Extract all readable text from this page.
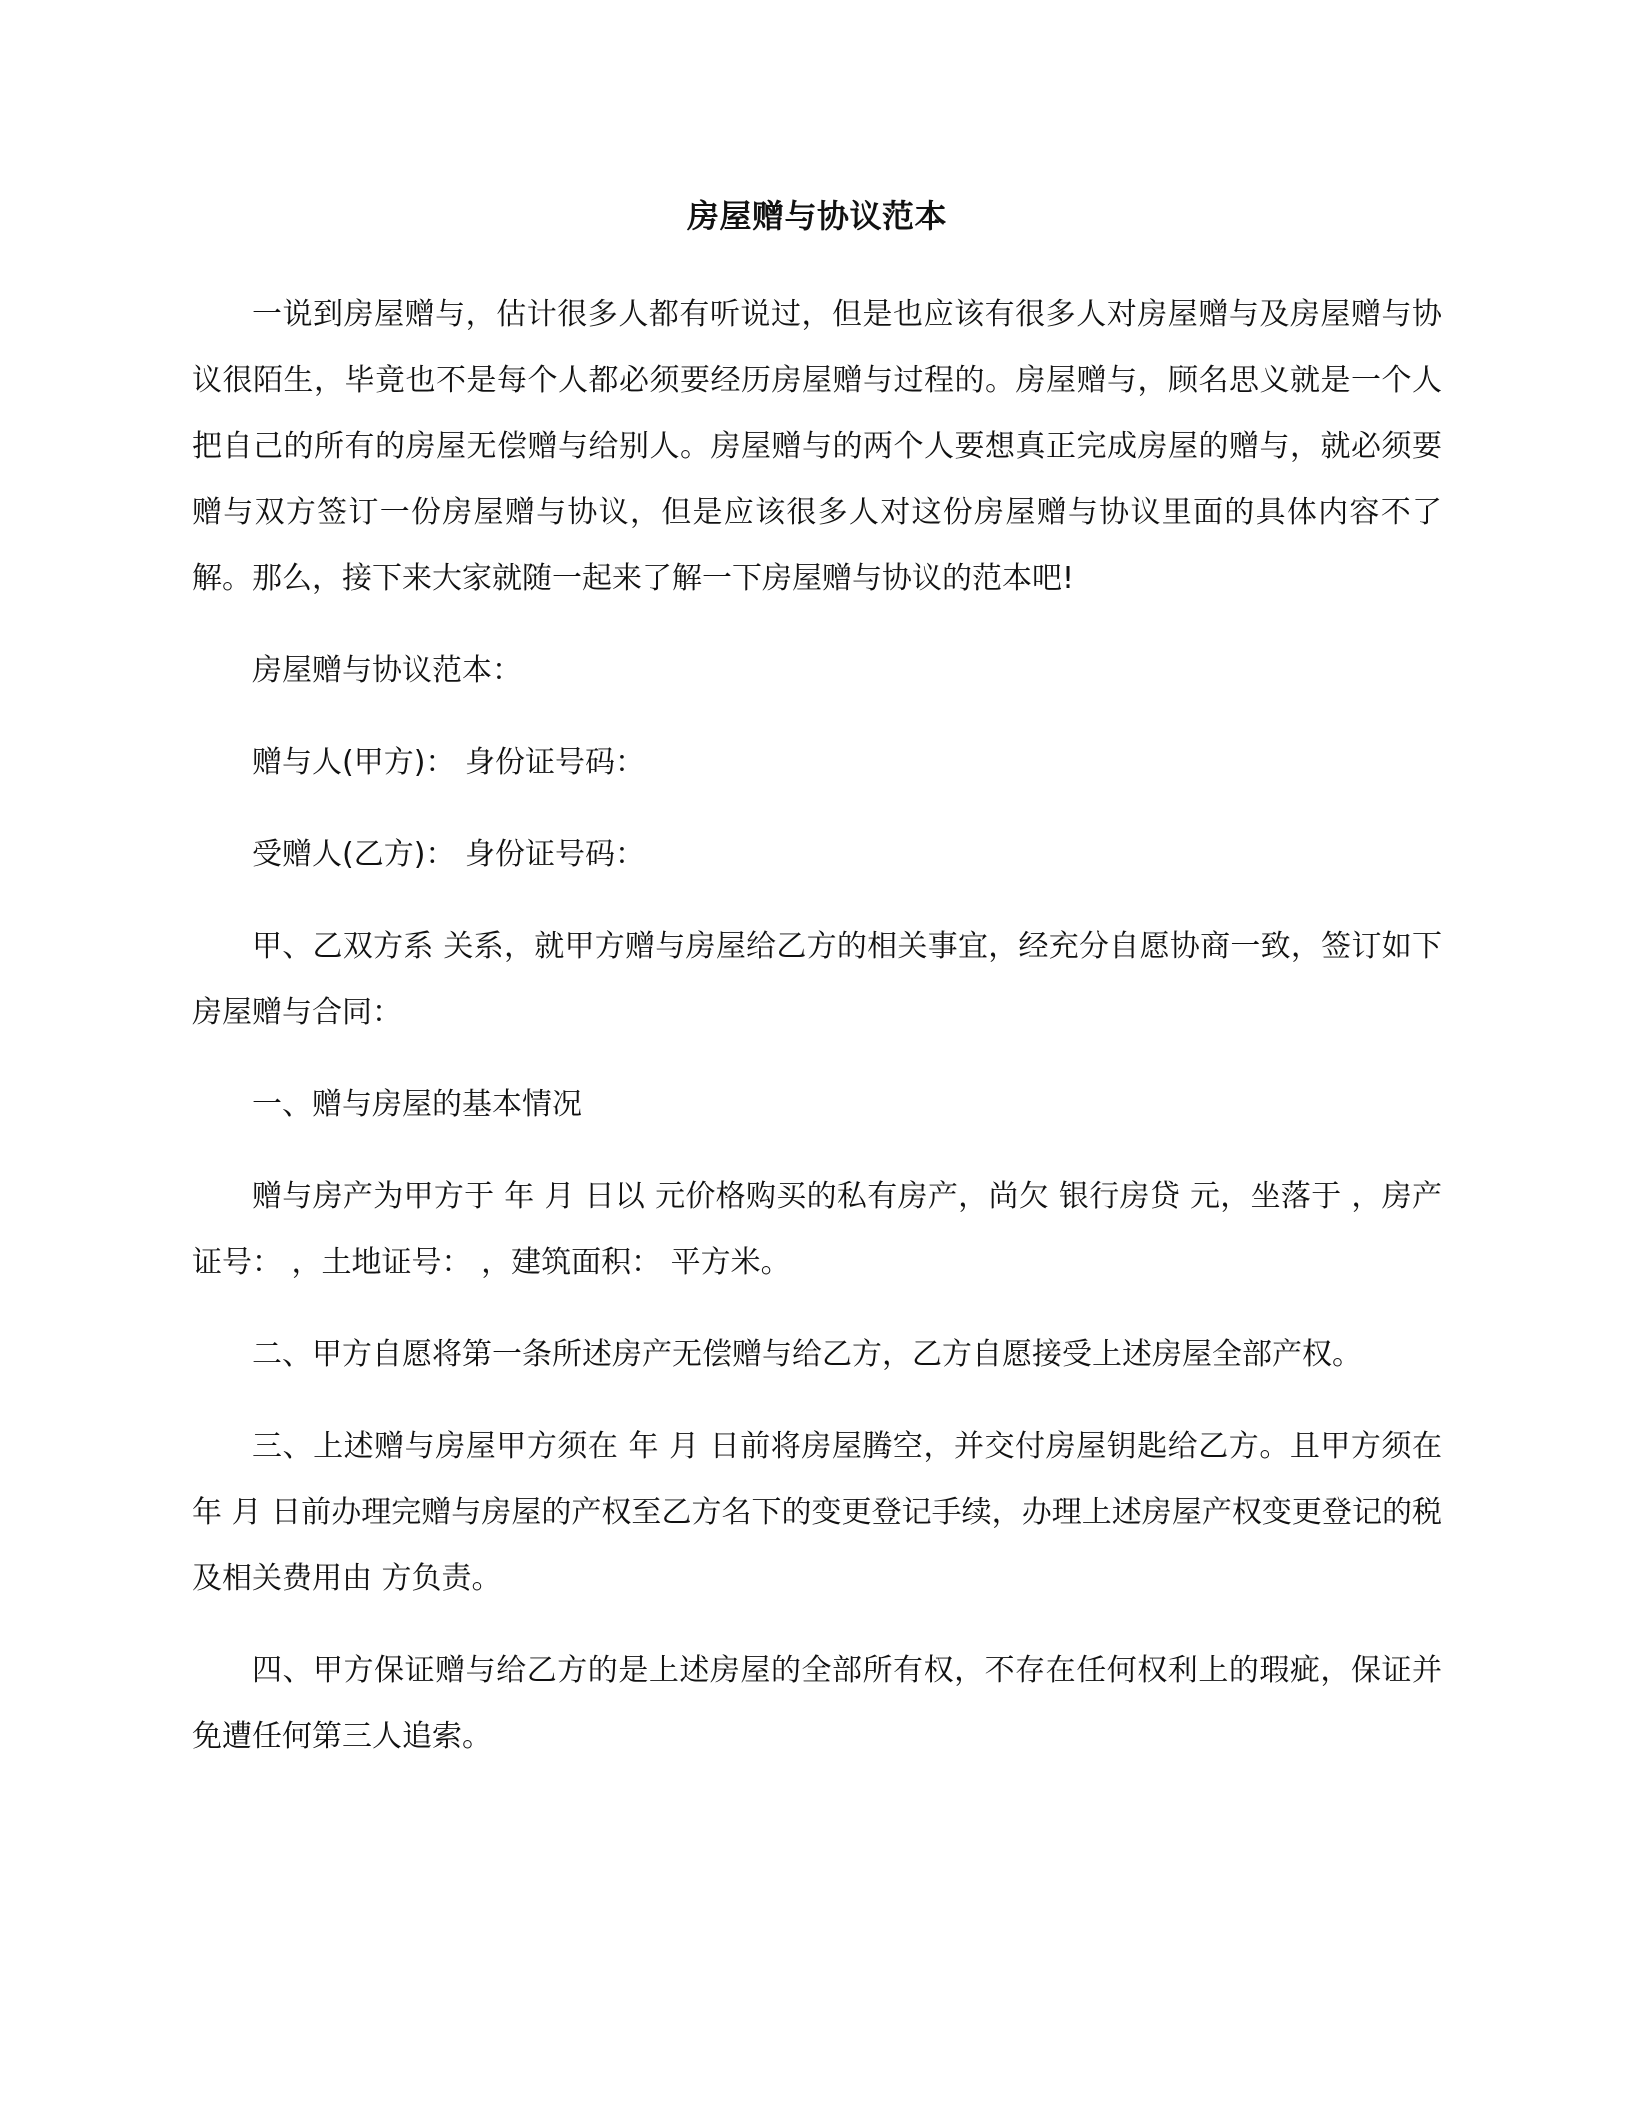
房屋赠与协议范本

一说到房屋赠与，估计很多人都有听说过，但是也应该有很多人对房屋赠与及房屋赠与协议很陌生，毕竟也不是每个人都必须要经历房屋赠与过程的。房屋赠与，顾名思义就是一个人把自己的所有的房屋无偿赠与给别人。房屋赠与的两个人要想真正完成房屋的赠与，就必须要赠与双方签订一份房屋赠与协议，但是应该很多人对这份房屋赠与协议里面的具体内容不了解。那么，接下来大家就随一起来了解一下房屋赠与协议的范本吧!

房屋赠与协议范本：

赠与人(甲方)： 身份证号码：

受赠人(乙方)： 身份证号码：

甲、乙双方系 关系，就甲方赠与房屋给乙方的相关事宜，经充分自愿协商一致，签订如下房屋赠与合同：

一、赠与房屋的基本情况

赠与房产为甲方于 年 月 日以 元价格购买的私有房产，尚欠 银行房贷 元，坐落于 ，房产证号： ，土地证号： ，建筑面积： 平方米。

二、甲方自愿将第一条所述房产无偿赠与给乙方，乙方自愿接受上述房屋全部产权。

三、上述赠与房屋甲方须在 年 月 日前将房屋腾空，并交付房屋钥匙给乙方。且甲方须在 年 月 日前办理完赠与房屋的产权至乙方名下的变更登记手续，办理上述房屋产权变更登记的税及相关费用由 方负责。

四、甲方保证赠与给乙方的是上述房屋的全部所有权，不存在任何权利上的瑕疵，保证并免遭任何第三人追索。
